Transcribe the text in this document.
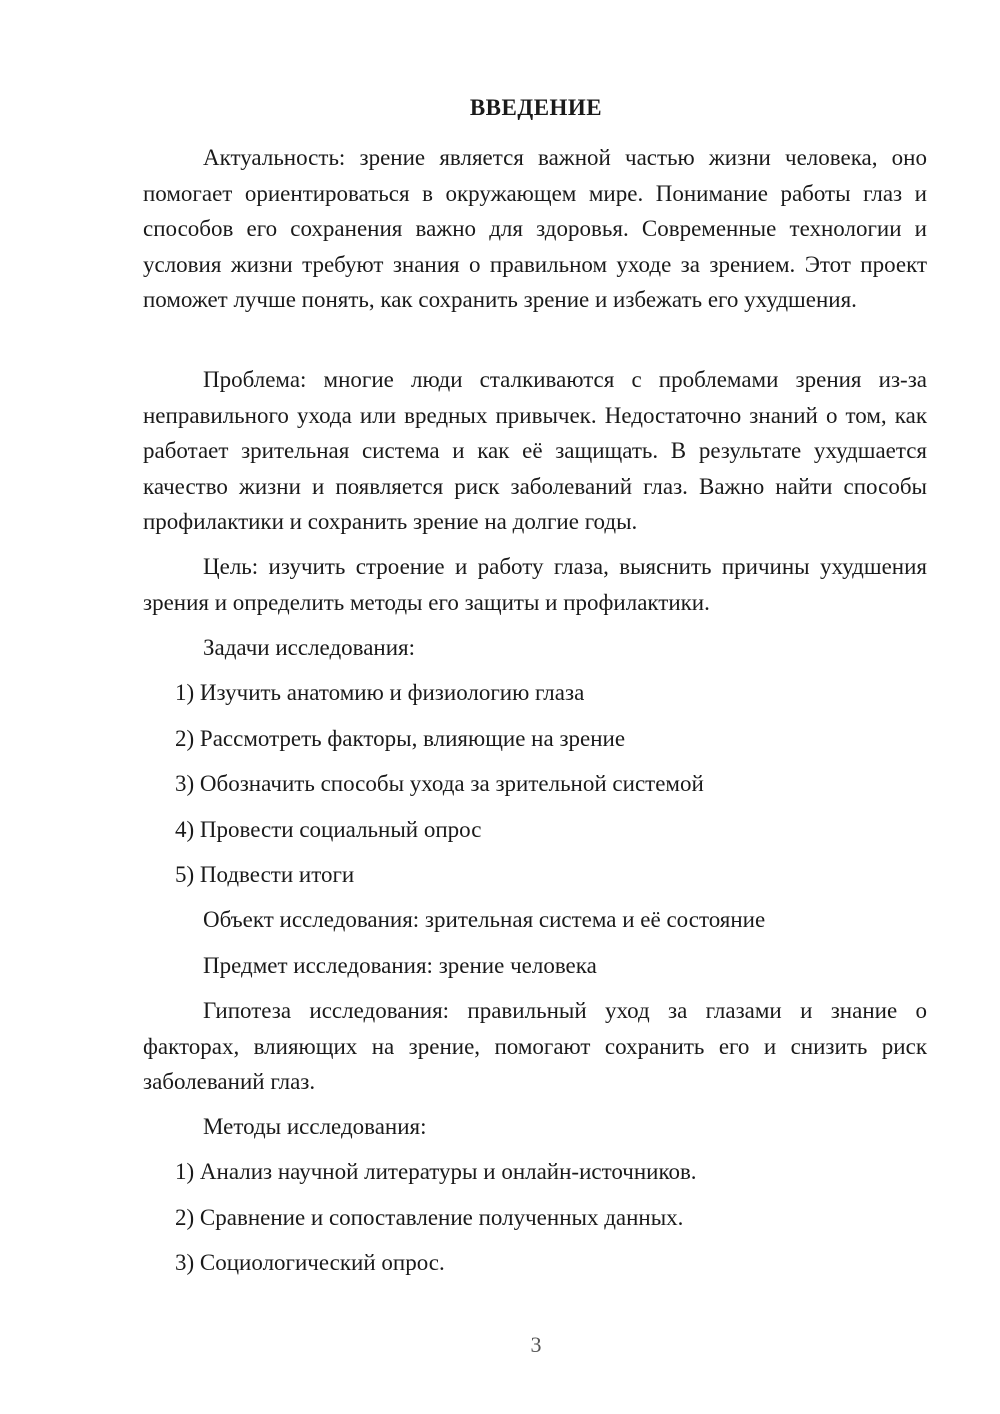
ВВЕДЕНИЕ

Актуальность: зрение является важной частью жизни человека, оно помогает ориентироваться в окружающем мире. Понимание работы глаз и способов его сохранения важно для здоровья. Современные технологии и условия жизни требуют знания о правильном уходе за зрением. Этот проект поможет лучше понять, как сохранить зрение и избежать его ухудшения.

Проблема: многие люди сталкиваются с проблемами зрения из-за неправильного ухода или вредных привычек. Недостаточно знаний о том, как работает зрительная система и как её защищать. В результате ухудшается качество жизни и появляется риск заболеваний глаз. Важно найти способы профилактики и сохранить зрение на долгие годы.

Цель: изучить строение и работу глаза, выяснить причины ухудшения зрения и определить методы его защиты и профилактики.

Задачи исследования:

1) Изучить анатомию и физиологию глаза

2) Рассмотреть факторы, влияющие на зрение

3) Обозначить способы ухода за зрительной системой

4) Провести социальный опрос

5) Подвести итоги

Объект исследования: зрительная система и её состояние

Предмет исследования: зрение человека

Гипотеза исследования: правильный уход за глазами и знание о факторах, влияющих на зрение, помогают сохранить его и снизить риск заболеваний глаз.

Методы исследования:

1) Анализ научной литературы и онлайн-источников.

2) Сравнение и сопоставление полученных данных.

3) Социологический опрос.

3
